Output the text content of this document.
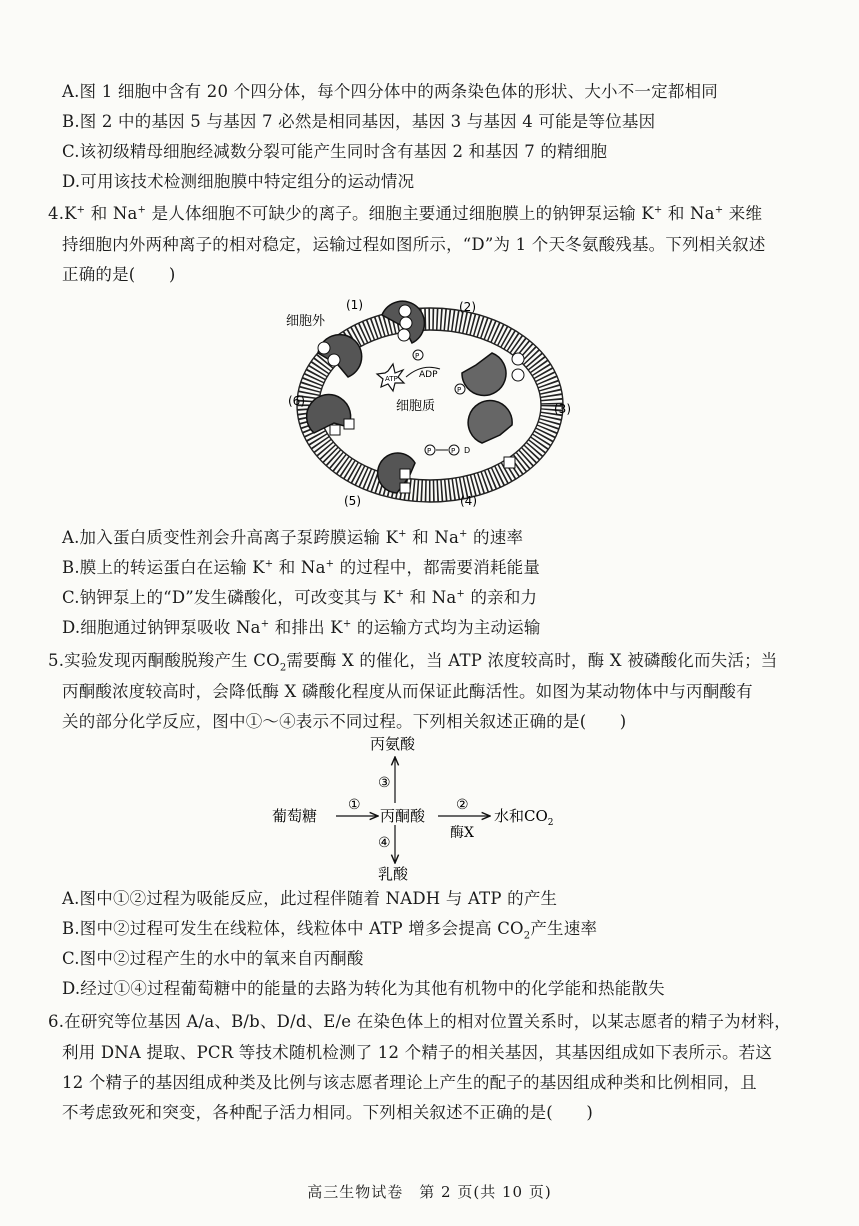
A.图 1 细胞中含有 20 个四分体，每个四分体中的两条染色体的形状、大小不一定都相同
B.图 2 中的基因 5 与基因 7 必然是相同基因，基因 3 与基因 4 可能是等位基因
C.该初级精母细胞经减数分裂可能产生同时含有基因 2 和基因 7 的精细胞
D.可用该技术检测细胞膜中特定组分的运动情况
4.K+ 和 Na+ 是人体细胞不可缺少的离子。细胞主要通过细胞膜上的钠钾泵运输 K+ 和 Na+ 来维
持细胞内外两种离子的相对稳定，运输过程如图所示，“D”为 1 个天冬氨酸残基。下列相关叙述
正确的是(　　)
ATP
P
ADP
P
P	P D
细胞外
细胞质
(1)	(2)
(3)
(4)
(5)
(6)
A.加入蛋白质变性剂会升高离子泵跨膜运输 K+ 和 Na+ 的速率
B.膜上的转运蛋白在运输 K+ 和 Na+ 的过程中，都需要消耗能量
C.钠钾泵上的“D”发生磷酸化，可改变其与 K+ 和 Na+ 的亲和力
D.细胞通过钠钾泵吸收 Na+ 和排出 K+ 的运输方式均为主动运输
5.实验发现丙酮酸脱羧产生 $CO_2$需要酶 X 的催化，当 ATP 浓度较高时，酶 X 被磷酸化而失活；当
丙酮酸浓度较高时，会降低酶 X 磷酸化程度从而保证此酶活性。如图为某动物体中与丙酮酸有
关的部分化学反应，图中①～④表示不同过程。下列相关叙述正确的是(　　)
丙氨酸
③
葡萄糖
①
丙酮酸
②
酶X
水和$CO_2$
④
乳酸
A.图中①②过程为吸能反应，此过程伴随着 NADH 与 ATP 的产生
B.图中②过程可发生在线粒体，线粒体中 ATP 增多会提高 $CO_2$产生速率
C.图中②过程产生的水中的氧来自丙酮酸
D.经过①④过程葡萄糖中的能量的去路为转化为其他有机物中的化学能和热能散失
6.在研究等位基因 A/a、B/b、D/d、E/e 在染色体上的相对位置关系时，以某志愿者的精子为材料，
利用 DNA 提取、PCR 等技术随机检测了 12 个精子的相关基因，其基因组成如下表所示。若这
12 个精子的基因组成种类及比例与该志愿者理论上产生的配子的基因组成种类和比例相同，且
不考虑致死和突变，各种配子活力相同。下列相关叙述不正确的是(　　)
高三生物试卷　第 2 页(共 10 页)
